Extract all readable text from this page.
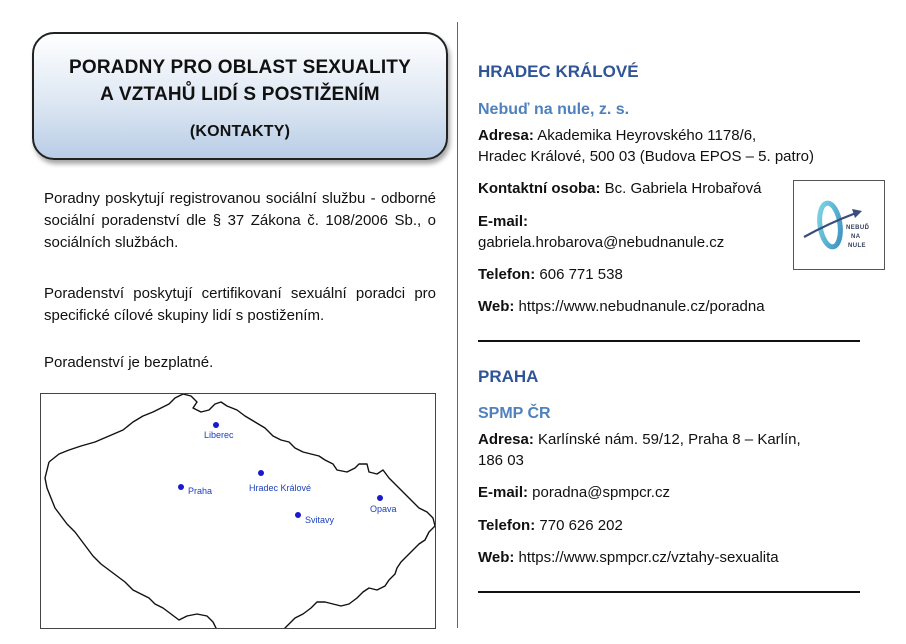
PORADNY PRO OBLAST SEXUALITY
A VZTAHŮ LIDÍ S POSTIŽENÍM
(KONTAKTY)
Poradny poskytují registrovanou sociální službu - odborné sociální poradenství dle § 37 Zákona č. 108/2006 Sb., o sociálních službách.
Poradenství poskytují certifikovaní sexuální poradci pro specifické cílové skupiny lidí s postižením.
Poradenství je bezplatné.
Liberec
Praha	Hradec Králové
Svitavy
Opava
HRADEC KRÁLOVÉ
Nebuď na nule, z. s.
Adresa: Akademika Heyrovského 1178/6,
Hradec Králové, 500 03 (Budova EPOS – 5. patro)
Kontaktní osoba: Bc. Gabriela Hrobařová
E-mail:
gabriela.hrobarova@nebudnanule.cz
Telefon: 606 771 538
Web: https://www.nebudnanule.cz/poradna
NEBUĎ
NA
NULE
PRAHA
SPMP ČR
Adresa: Karlínské nám. 59/12, Praha 8 – Karlín,
186 03
E-mail: poradna@spmpcr.cz
Telefon: 770 626 202
Web: https://www.spmpcr.cz/vztahy-sexualita
